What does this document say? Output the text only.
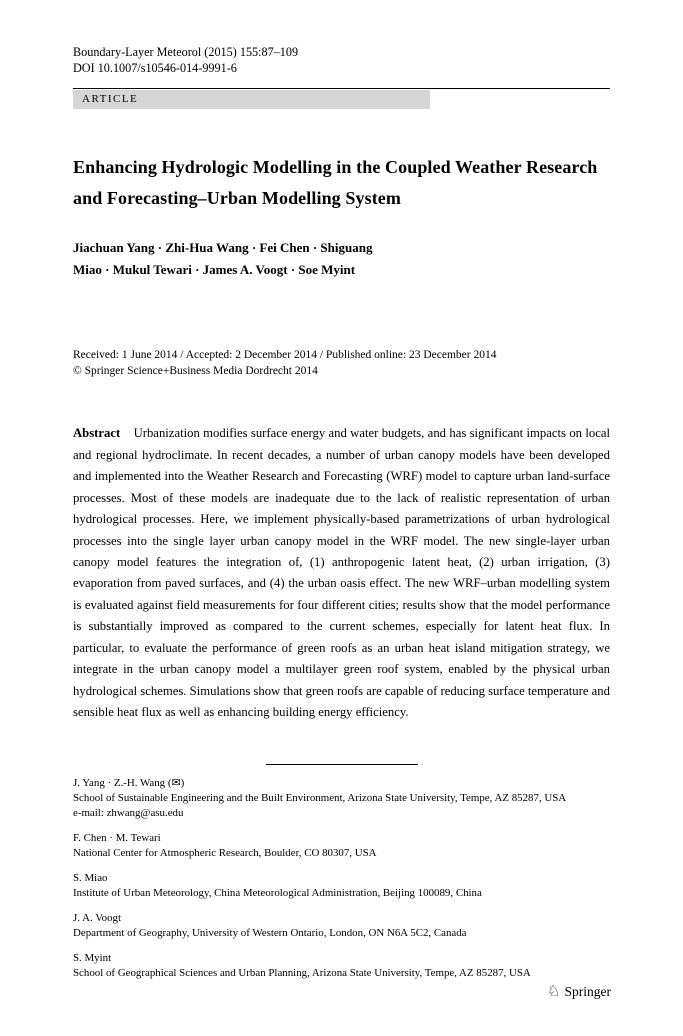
Boundary-Layer Meteorol (2015) 155:87–109
DOI 10.1007/s10546-014-9991-6
ARTICLE
Enhancing Hydrologic Modelling in the Coupled Weather Research and Forecasting–Urban Modelling System
Jiachuan Yang · Zhi-Hua Wang · Fei Chen · Shiguang Miao · Mukul Tewari · James A. Voogt · Soe Myint
Received: 1 June 2014 / Accepted: 2 December 2014 / Published online: 23 December 2014
© Springer Science+Business Media Dordrecht 2014

Abstract Urbanization modifies surface energy and water budgets, and has significant impacts on local and regional hydroclimate. In recent decades, a number of urban canopy models have been developed and implemented into the Weather Research and Forecasting (WRF) model to capture urban land-surface processes. Most of these models are inadequate due to the lack of realistic representation of urban hydrological processes. Here, we implement physically-based parametrizations of urban hydrological processes into the single layer urban canopy model in the WRF model. The new single-layer urban canopy model features the integration of, (1) anthropogenic latent heat, (2) urban irrigation, (3) evaporation from paved surfaces, and (4) the urban oasis effect. The new WRF–urban modelling system is evaluated against field measurements for four different cities; results show that the model performance is substantially improved as compared to the current schemes, especially for latent heat flux. In particular, to evaluate the performance of green roofs as an urban heat island mitigation strategy, we integrate in the urban canopy model a multilayer green roof system, enabled by the physical urban hydrological schemes. Simulations show that green roofs are capable of reducing surface temperature and sensible heat flux as well as enhancing building energy efficiency.

J. Yang · Z.-H. Wang (✉)
School of Sustainable Engineering and the Built Environment, Arizona State University, Tempe, AZ 85287, USA
e-mail: zhwang@asu.edu
F. Chen · M. Tewari
National Center for Atmospheric Research, Boulder, CO 80307, USA
S. Miao
Institute of Urban Meteorology, China Meteorological Administration, Beijing 100089, China
J. A. Voogt
Department of Geography, University of Western Ontario, London, ON N6A 5C2, Canada
S. Myint
School of Geographical Sciences and Urban Planning, Arizona State University, Tempe, AZ 85287, USA
♘ Springer
